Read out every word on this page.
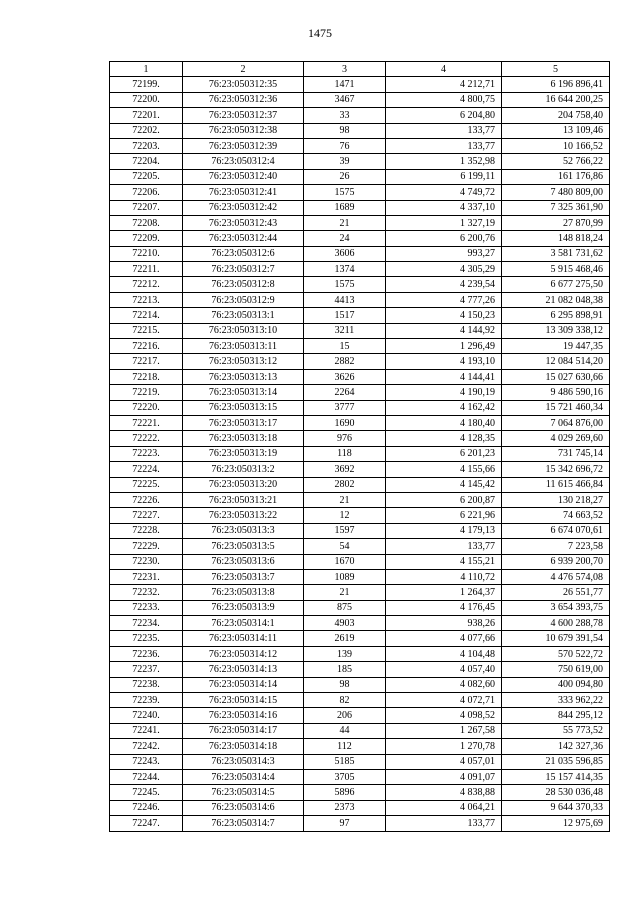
1475
1	2	3	4	5
72199.	76:23:050312:35	1471	4 212,71	6 196 896,41
72200.	76:23:050312:36	3467	4 800,75	16 644 200,25
72201.	76:23:050312:37	33	6 204,80	204 758,40
72202.	76:23:050312:38	98	133,77	13 109,46
72203.	76:23:050312:39	76	133,77	10 166,52
72204.	76:23:050312:4	39	1 352,98	52 766,22
72205.	76:23:050312:40	26	6 199,11	161 176,86
72206.	76:23:050312:41	1575	4 749,72	7 480 809,00
72207.	76:23:050312:42	1689	4 337,10	7 325 361,90
72208.	76:23:050312:43	21	1 327,19	27 870,99
72209.	76:23:050312:44	24	6 200,76	148 818,24
72210.	76:23:050312:6	3606	993,27	3 581 731,62
72211.	76:23:050312:7	1374	4 305,29	5 915 468,46
72212.	76:23:050312:8	1575	4 239,54	6 677 275,50
72213.	76:23:050312:9	4413	4 777,26	21 082 048,38
72214.	76:23:050313:1	1517	4 150,23	6 295 898,91
72215.	76:23:050313:10	3211	4 144,92	13 309 338,12
72216.	76:23:050313:11	15	1 296,49	19 447,35
72217.	76:23:050313:12	2882	4 193,10	12 084 514,20
72218.	76:23:050313:13	3626	4 144,41	15 027 630,66
72219.	76:23:050313:14	2264	4 190,19	9 486 590,16
72220.	76:23:050313:15	3777	4 162,42	15 721 460,34
72221.	76:23:050313:17	1690	4 180,40	7 064 876,00
72222.	76:23:050313:18	976	4 128,35	4 029 269,60
72223.	76:23:050313:19	118	6 201,23	731 745,14
72224.	76:23:050313:2	3692	4 155,66	15 342 696,72
72225.	76:23:050313:20	2802	4 145,42	11 615 466,84
72226.	76:23:050313:21	21	6 200,87	130 218,27
72227.	76:23:050313:22	12	6 221,96	74 663,52
72228.	76:23:050313:3	1597	4 179,13	6 674 070,61
72229.	76:23:050313:5	54	133,77	7 223,58
72230.	76:23:050313:6	1670	4 155,21	6 939 200,70
72231.	76:23:050313:7	1089	4 110,72	4 476 574,08
72232.	76:23:050313:8	21	1 264,37	26 551,77
72233.	76:23:050313:9	875	4 176,45	3 654 393,75
72234.	76:23:050314:1	4903	938,26	4 600 288,78
72235.	76:23:050314:11	2619	4 077,66	10 679 391,54
72236.	76:23:050314:12	139	4 104,48	570 522,72
72237.	76:23:050314:13	185	4 057,40	750 619,00
72238.	76:23:050314:14	98	4 082,60	400 094,80
72239.	76:23:050314:15	82	4 072,71	333 962,22
72240.	76:23:050314:16	206	4 098,52	844 295,12
72241.	76:23:050314:17	44	1 267,58	55 773,52
72242.	76:23:050314:18	112	1 270,78	142 327,36
72243.	76:23:050314:3	5185	4 057,01	21 035 596,85
72244.	76:23:050314:4	3705	4 091,07	15 157 414,35
72245.	76:23:050314:5	5896	4 838,88	28 530 036,48
72246.	76:23:050314:6	2373	4 064,21	9 644 370,33
72247.	76:23:050314:7	97	133,77	12 975,69
